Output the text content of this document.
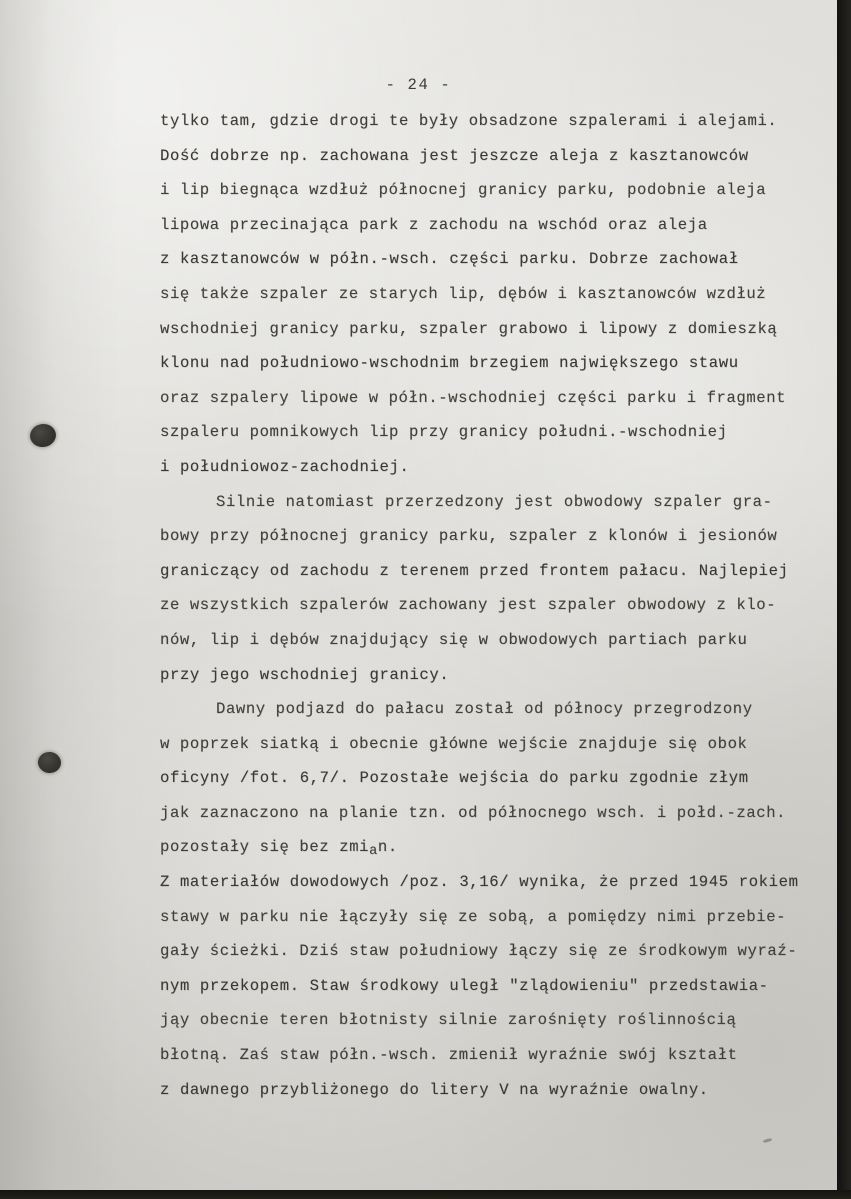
- 24 -
tylko tam, gdzie drogi te były obsadzone szpalerami i alejami.
Dość dobrze np. zachowana jest jeszcze aleja z kasztanowców
i lip biegnąca wzdłuż północnej granicy parku, podobnie aleja
lipowa przecinająca park z zachodu na wschód oraz aleja
z kasztanowców w półn.-wsch. części parku. Dobrze zachował
się także szpaler ze starych lip, dębów i kasztanowców wzdłuż
wschodniej granicy parku, szpaler grabowo i lipowy z domieszką
klonu nad południowo-wschodnim brzegiem największego stawu
oraz szpalery lipowe w półn.-wschodniej części parku i fragment
szpaleru pomnikowych lip przy granicy południ.-wschodniej
i południowoz-zachodniej.
Silnie natomiast przerzedzony jest obwodowy szpaler gra-
bowy przy północnej granicy parku, szpaler z klonów i jesionów
graniczący od zachodu z terenem przed frontem pałacu. Najlepiej
ze wszystkich szpalerów zachowany jest szpaler obwodowy z klo-
nów, lip i dębów znajdujący się w obwodowych partiach parku
przy jego wschodniej granicy.
Dawny podjazd do pałacu został od północy przegrodzony
w poprzek siatką i obecnie główne wejście znajduje się obok
oficyny /fot. 6,7/. Pozostałe wejścia do parku zgodnie złym
jak zaznaczono na planie tzn. od północnego wsch. i połd.-zach.
pozostały się bez zmian.
Z materiałów dowodowych /poz. 3,16/ wynika, że przed 1945 rokiem
stawy w parku nie łączyły się ze sobą, a pomiędzy nimi przebie-
gały ścieżki. Dziś staw południowy łączy się ze środkowym wyraź-
nym przekopem. Staw środkowy uległ "zlądowieniu" przedstawia-
jąy obecnie teren błotnisty silnie zarośnięty roślinnością
błotną. Zaś staw półn.-wsch. zmienił wyraźnie swój kształt
z dawnego przybliżonego do litery V na wyraźnie owalny.
